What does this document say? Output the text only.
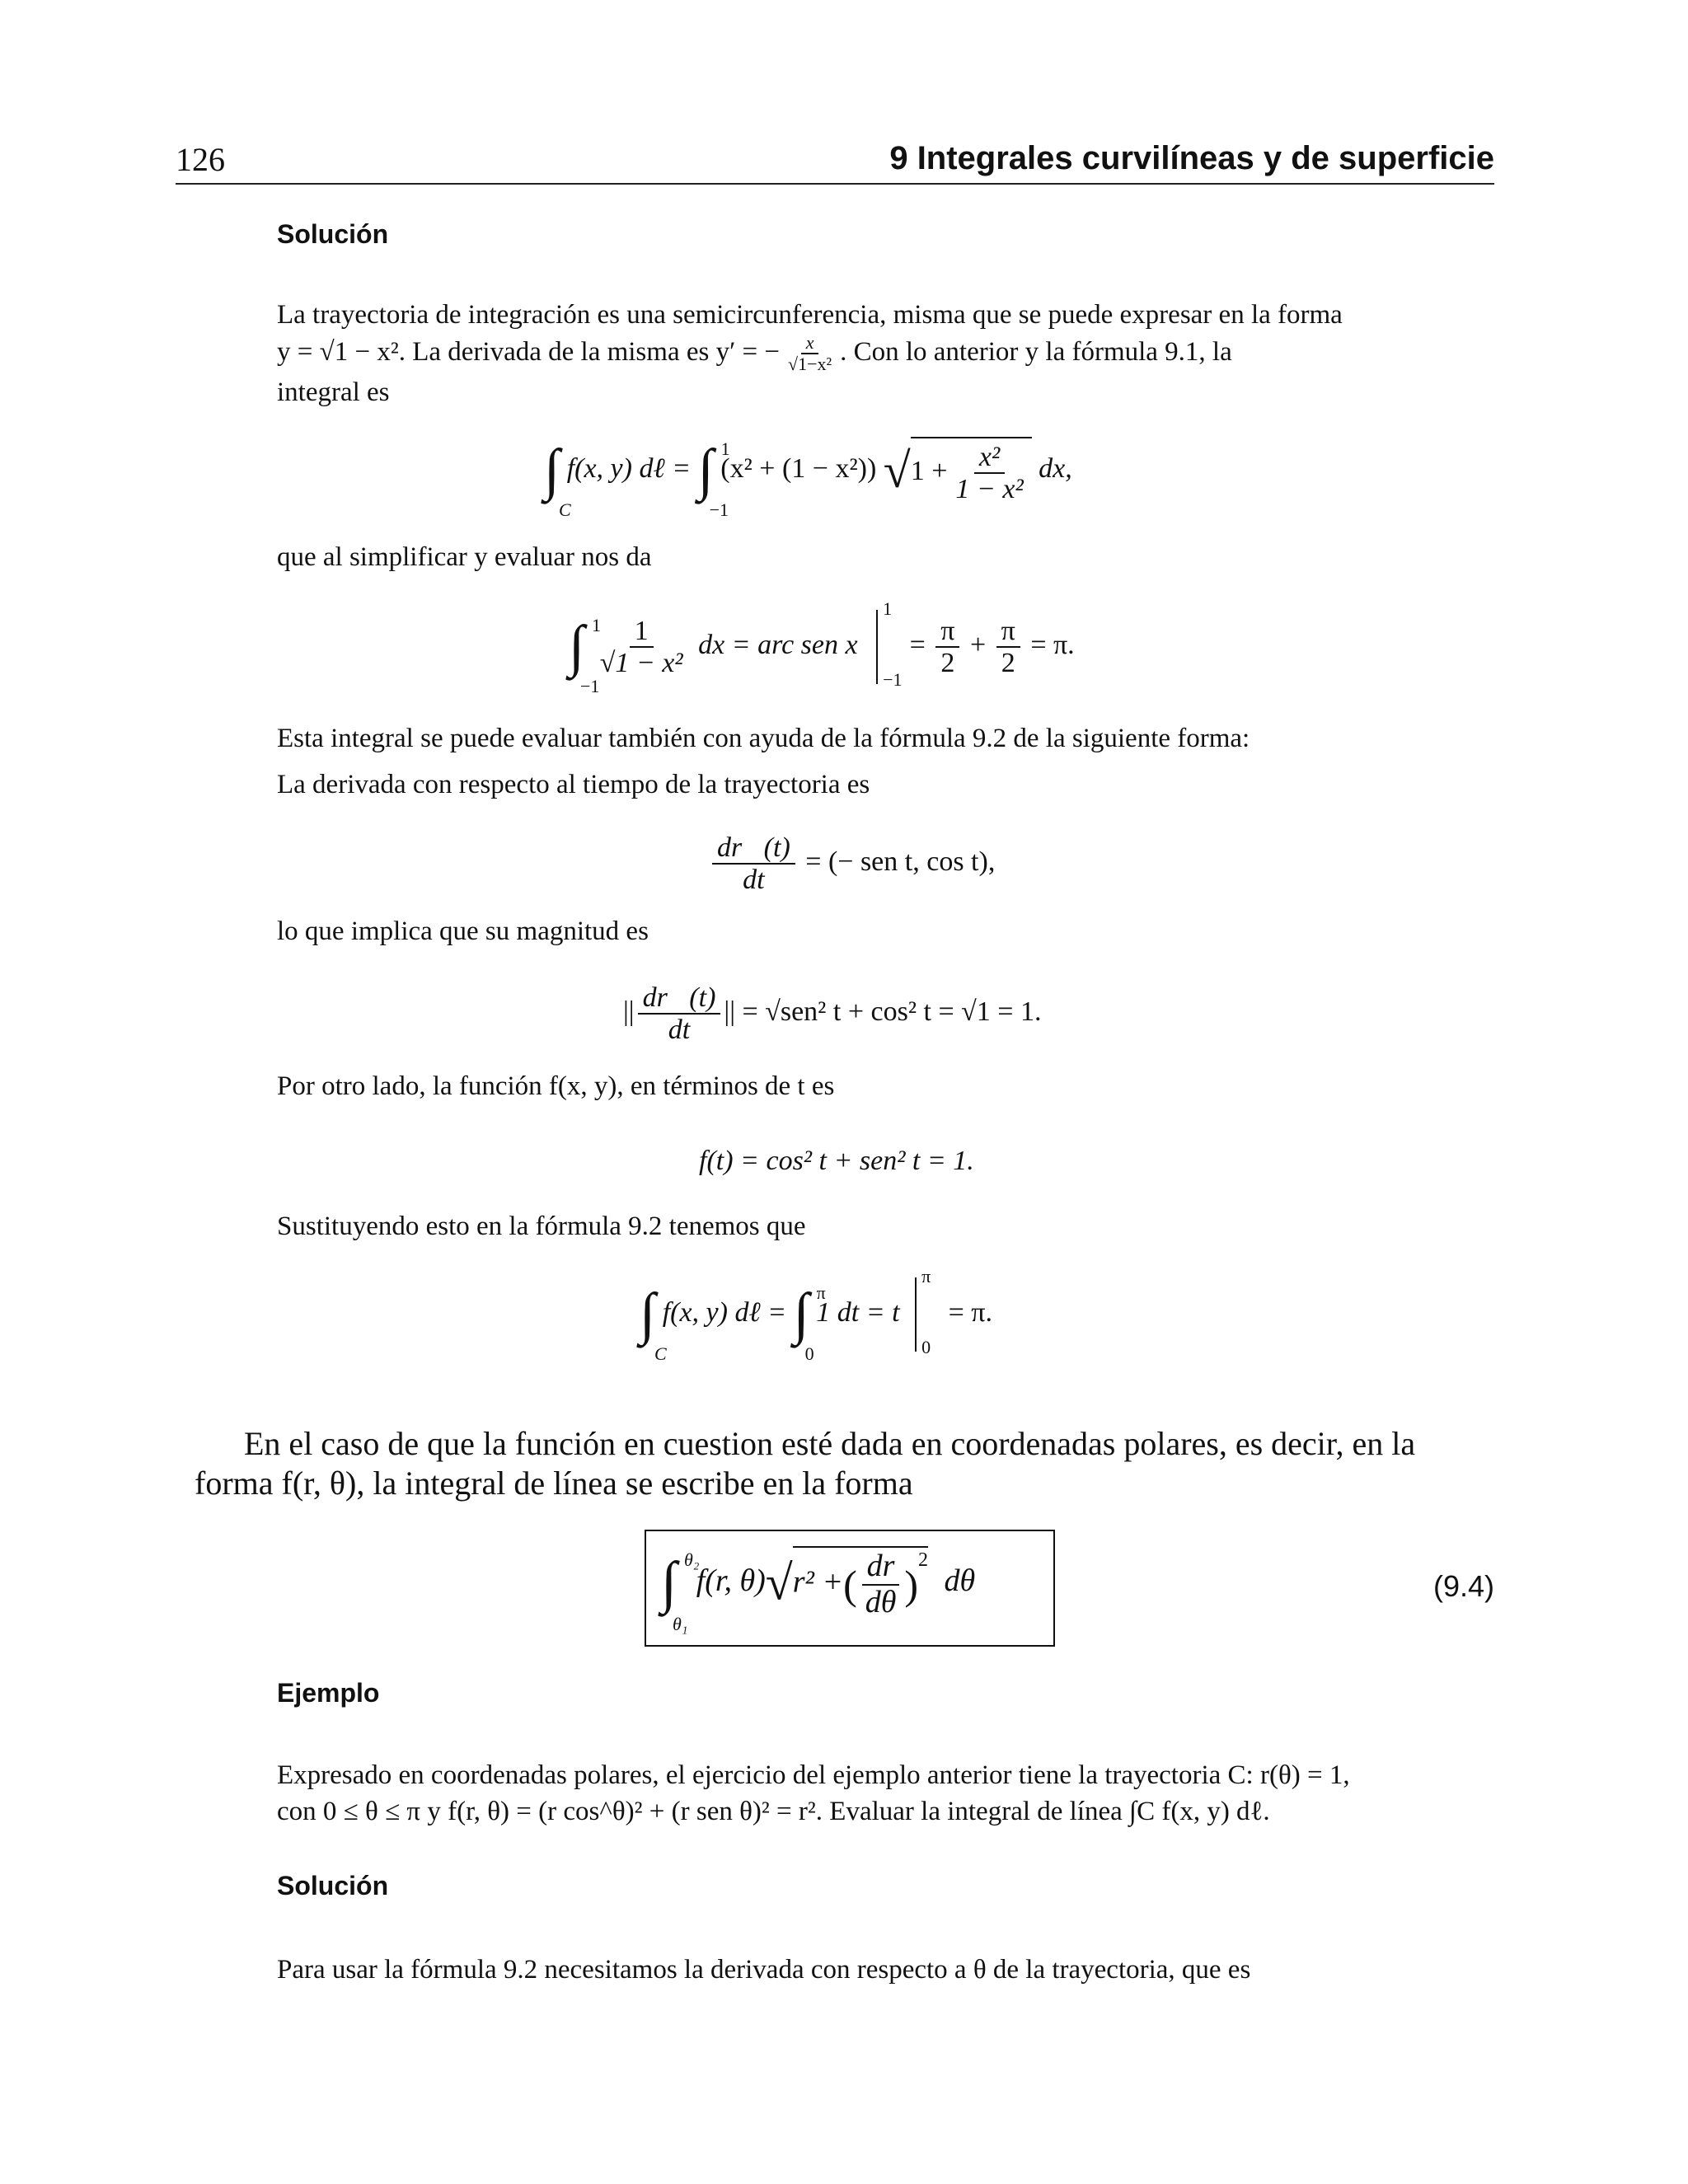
126	9 Integrales curvilíneas y de superficie
Solución
La trayectoria de integración es una semicircunferencia, misma que se puede expresar en la forma
y = √1 − x². La derivada de la misma es y′ = − $\frac{x}{\text{√1−x²}}$ . Con lo anterior y la fórmula 9.1, la
integral es
∫
C
f(x, y) dℓ = ∫ 1
−1
(x² + (1 − x²)) $√1 + \frac{\text{x²}}{\text{1 − x²}}$ dx,
que al simplificar y evaluar nos da
∫ 1
−1

$\frac{1}{\text{√1 − x²}}$ dx = arc sen x
1
−1
= $\frac{\pi}{2} + \frac{\pi}{2} = \pi$.
Esta integral se puede evaluar también con ayuda de la fórmula 9.2 de la siguiente forma:
La derivada con respecto al tiempo de la trayectoria es
$\frac{dr⃗(t)}{dt}$ = (− sen t, cos t),
lo que implica que su magnitud es
|| $\frac{dr⃗(t)}{dt}$ || = √sen² t + cos² t = √1 = 1.
Por otro lado, la función f(x, y), en términos de t es
f(t) = cos² t + sen² t = 1.
Sustituyendo esto en la fórmula 9.2 tenemos que
∫
C
f(x, y) dℓ = ∫ π
0
1 dt = t
π
0
= π.
En el caso de que la función en cuestion esté dada en coordenadas polares, es decir, en la
forma f(r, θ), la integral de línea se escribe en la forma
∫ θ₂
θ₁
f(r, θ)√r² +( $\frac{dr}{d\theta} )^2$ dθ	(9.4)
Ejemplo
Expresado en coordenadas polares, el ejercicio del ejemplo anterior tiene la trayectoria C: r(θ) = 1,
con 0 ≤ θ ≤ π y f(r, θ) = (r cos^θ)² + (r sen θ)² = r². Evaluar la integral de línea ∫C f(x, y) dℓ.
Solución
Para usar la fórmula 9.2 necesitamos la derivada con respecto a θ de la trayectoria, que es
